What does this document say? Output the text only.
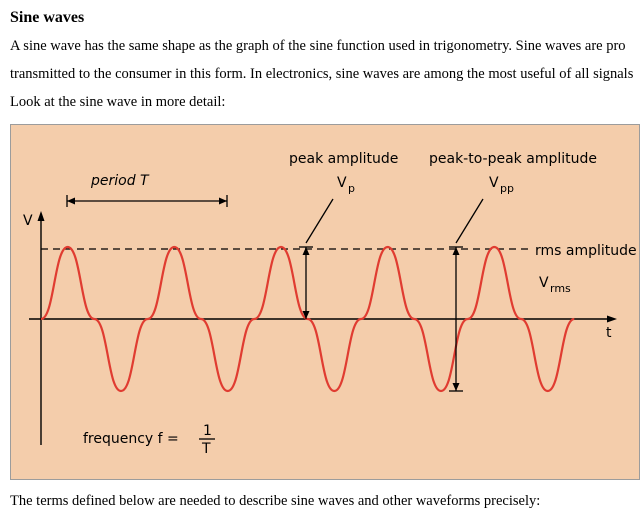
Sine waves
A sine wave has the same shape as the graph of the sine function used in trigonometry. Sine waves are pro
transmitted to the consumer in this form. In electronics, sine waves are among the most useful of all signals
Look at the sine wave in more detail:
period T
peak amplitude
V p
peak-to-peak amplitude
V pp
rms amplitude
V rms
V
t
frequency f = 1
T
The terms defined below are needed to describe sine waves and other waveforms precisely:
